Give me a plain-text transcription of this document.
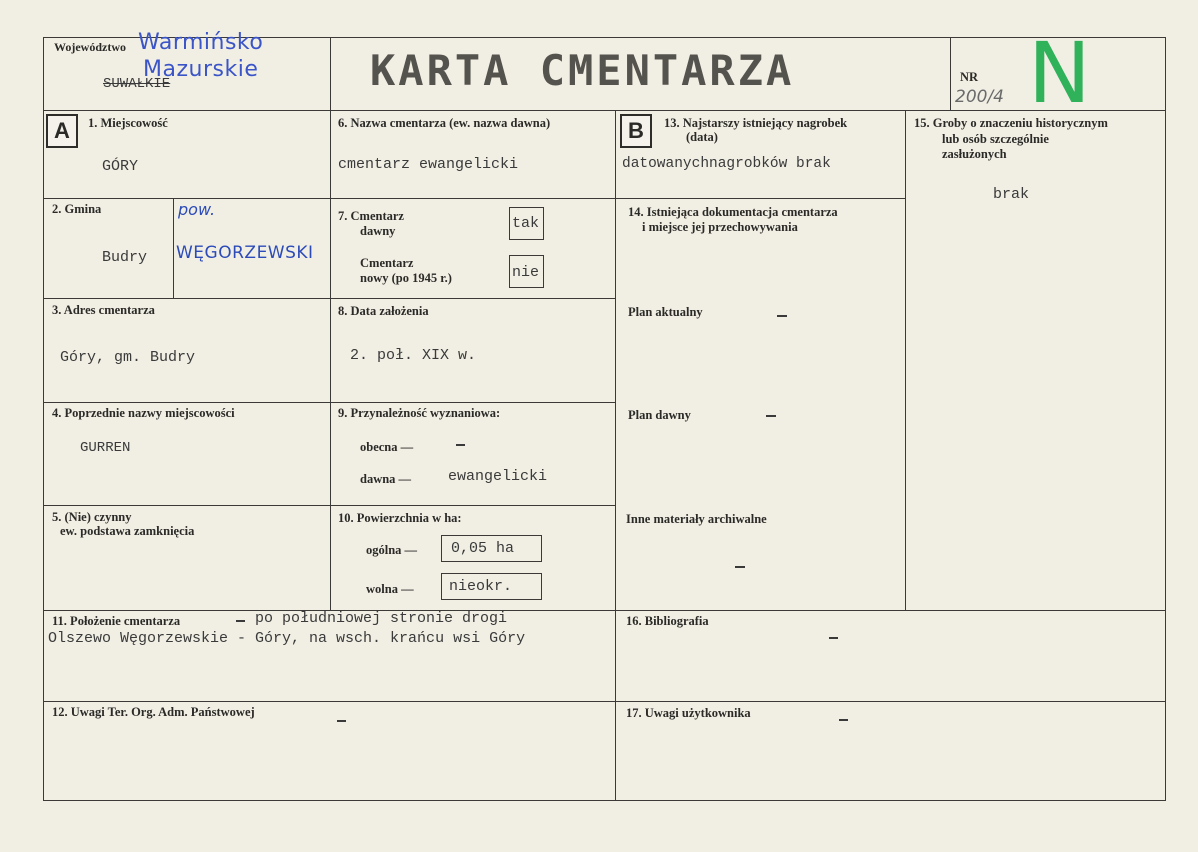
Województwo
SUWAŁKIE
Warmińsko
Mazurskie	KARTA CMENTARZA	NR
200/4 N
A	B
1. Miejscowość
GÓRY
6. Nazwa cmentarza (ew. nazwa dawna)
cmentarz ewangelicki
13. Najstarszy istniejący nagrobek
(data)
datowanychnagrobków brak
15. Groby o znaczeniu historycznym
lub osób szczególnie
zasłużonych
brak
2. Gmina
Budry
pow.
WĘGORZEWSKI
7. Cmentarz
dawny	tak
Cmentarz
nowy (po 1945 r.)	nie
14. Istniejąca dokumentacja cmentarza
i miejsce jej przechowywania
Plan aktualny
Plan dawny
Inne materiały archiwalne
3. Adres cmentarza
Góry, gm. Budry
8. Data założenia
2. poł. XIX w.
4. Poprzednie nazwy miejscowości
GURREN
9. Przynależność wyznaniowa:
obecna —
dawna — ewangelicki
5. (Nie) czynny
ew. podstawa zamknięcia
10. Powierzchnia w ha:
ogólna — 0,05 ha
wolna — nieokr.
11. Położenie cmentarza	po południowej stronie drogi
Olszewo Węgorzewskie - Góry, na wsch. krańcu wsi Góry
16. Bibliografia
12. Uwagi Ter. Org. Adm. Państwowej	17. Uwagi użytkownika
